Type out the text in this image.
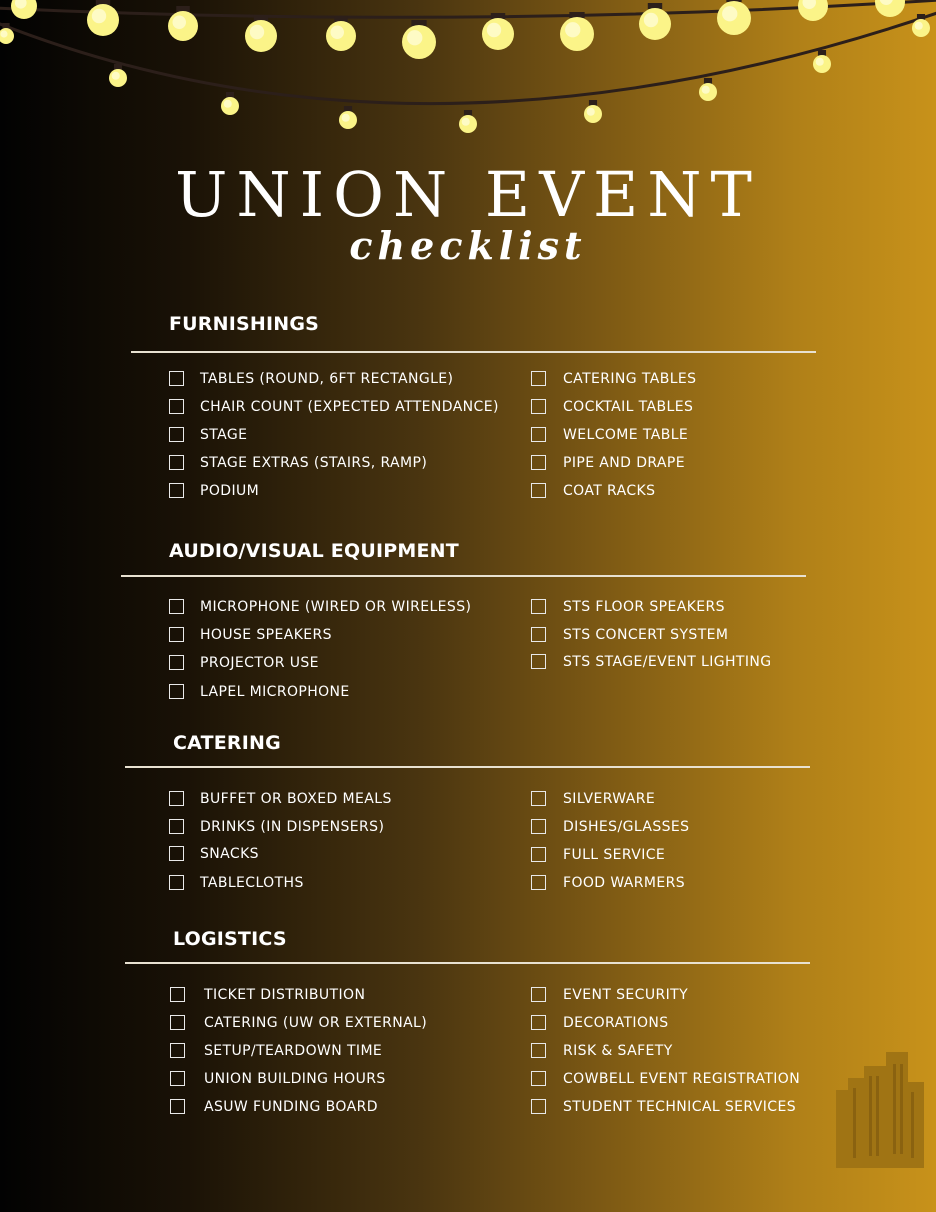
UNION EVENT
checklist
FURNISHINGS
TABLES (ROUND, 6FT RECTANGLE)
CHAIR COUNT (EXPECTED ATTENDANCE)
STAGE
STAGE EXTRAS (STAIRS, RAMP)
PODIUM
CATERING TABLES
COCKTAIL TABLES
WELCOME TABLE
PIPE AND DRAPE
COAT RACKS
AUDIO/VISUAL EQUIPMENT
MICROPHONE (WIRED OR WIRELESS)
HOUSE SPEAKERS
PROJECTOR USE
LAPEL MICROPHONE
STS FLOOR SPEAKERS
STS CONCERT SYSTEM
STS STAGE/EVENT LIGHTING
CATERING
BUFFET OR BOXED MEALS
DRINKS (IN DISPENSERS)
SNACKS
TABLECLOTHS
SILVERWARE
DISHES/GLASSES
FULL SERVICE
FOOD WARMERS
LOGISTICS
TICKET DISTRIBUTION
CATERING (UW OR EXTERNAL)
SETUP/TEARDOWN TIME
UNION BUILDING HOURS
ASUW FUNDING BOARD
EVENT SECURITY
DECORATIONS
RISK & SAFETY
COWBELL EVENT REGISTRATION
STUDENT TECHNICAL SERVICES
